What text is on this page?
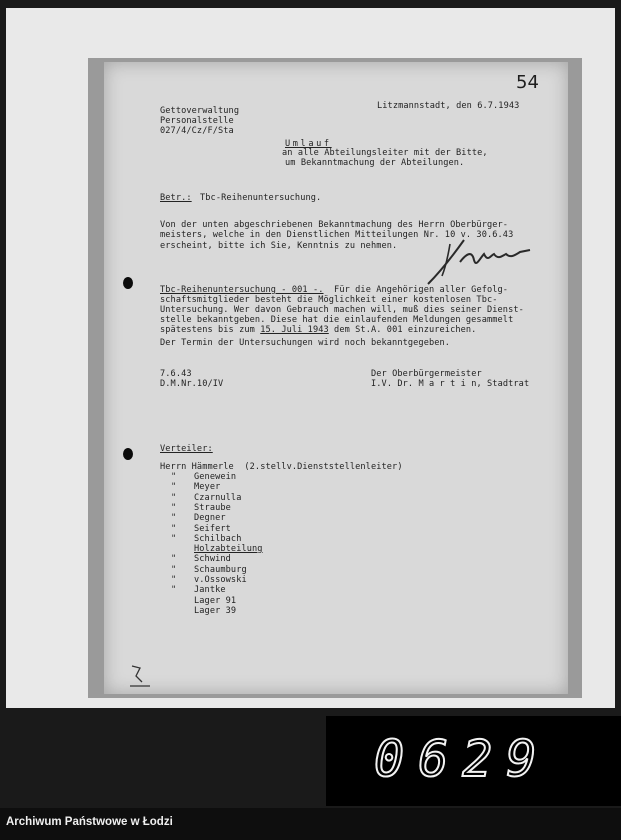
54
Gettoverwaltung
Personalstelle
027/4/Cz/F/Sta
Litzmannstadt, den 6.7.1943
Umlauf
an alle Abteilungsleiter mit der Bitte,
um Bekanntmachung der Abteilungen.
Betr.: Tbc-Reihenuntersuchung.
Von der unten abgeschriebenen Bekanntmachung des Herrn Oberbürger-
meisters, welche in den Dienstlichen Mitteilungen Nr. 10 v. 30.6.43
erscheint, bitte ich Sie, Kenntnis zu nehmen.
Tbc-Reihenuntersuchung - 001 -.  Für die Angehörigen aller Gefolg-
schaftsmitglieder besteht die Möglichkeit einer kostenlosen Tbc-
Untersuchung. Wer davon Gebrauch machen will, muß dies seiner Dienst-
stelle bekanntgeben. Diese hat die einlaufenden Meldungen gesammelt
spätestens bis zum 15. Juli 1943 dem St.A. 001 einzureichen.
Der Termin der Untersuchungen wird noch bekanntgegeben.
7.6.43
D.M.Nr.10/IV
Der Oberbürgermeister
I.V. Dr. M a r t i n, Stadtrat
Verteiler:
Herrn Hämmerle  (2.stellv.Dienststellenleiter)
" Genewein
" Meyer
" Czarnulla
" Straube
" Degner
" Seifert
" Schilbach
Holzabteilung
" Schwind
" Schaumburg
" v.Ossowski
" Jantke
Lager 91
Lager 39
0629
Archiwum Państwowe w Łodzi
